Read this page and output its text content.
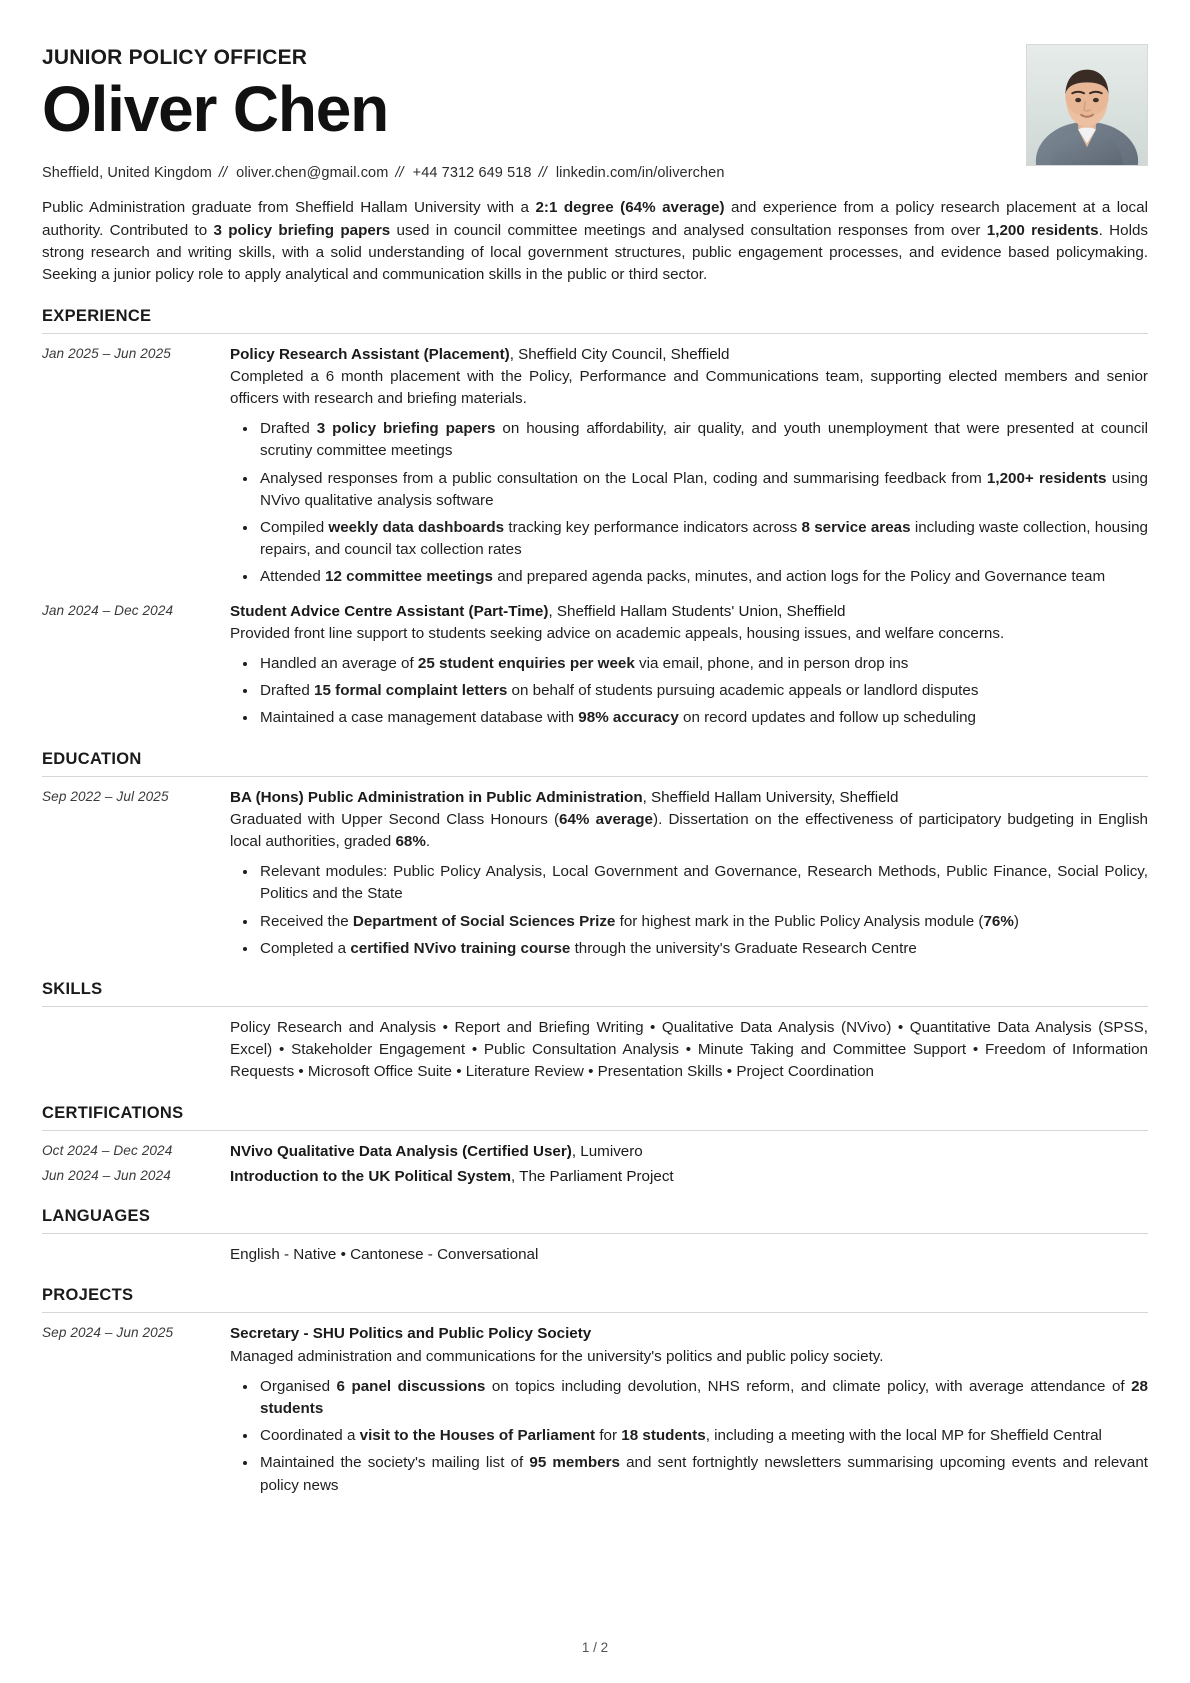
JUNIOR POLICY OFFICER
Oliver Chen
Sheffield, United Kingdom // oliver.chen@gmail.com // +44 7312 649 518 // linkedin.com/in/oliverchen
Public Administration graduate from Sheffield Hallam University with a 2:1 degree (64% average) and experience from a policy research placement at a local authority. Contributed to 3 policy briefing papers used in council committee meetings and analysed consultation responses from over 1,200 residents. Holds strong research and writing skills, with a solid understanding of local government structures, public engagement processes, and evidence based policymaking. Seeking a junior policy role to apply analytical and communication skills in the public or third sector.
EXPERIENCE
Jan 2025 – Jun 2025	Policy Research Assistant (Placement), Sheffield City Council, Sheffield
Completed a 6 month placement with the Policy, Performance and Communications team, supporting elected members and senior officers with research and briefing materials.
Drafted 3 policy briefing papers on housing affordability, air quality, and youth unemployment that were presented at council scrutiny committee meetings
Analysed responses from a public consultation on the Local Plan, coding and summarising feedback from 1,200+ residents using NVivo qualitative analysis software
Compiled weekly data dashboards tracking key performance indicators across 8 service areas including waste collection, housing repairs, and council tax collection rates
Attended 12 committee meetings and prepared agenda packs, minutes, and action logs for the Policy and Governance team
Jan 2024 – Dec 2024	Student Advice Centre Assistant (Part-Time), Sheffield Hallam Students' Union, Sheffield
Provided front line support to students seeking advice on academic appeals, housing issues, and welfare concerns.
Handled an average of 25 student enquiries per week via email, phone, and in person drop ins
Drafted 15 formal complaint letters on behalf of students pursuing academic appeals or landlord disputes
Maintained a case management database with 98% accuracy on record updates and follow up scheduling
EDUCATION
Sep 2022 – Jul 2025	BA (Hons) Public Administration in Public Administration, Sheffield Hallam University, Sheffield
Graduated with Upper Second Class Honours (64% average). Dissertation on the effectiveness of participatory budgeting in English local authorities, graded 68%.
Relevant modules: Public Policy Analysis, Local Government and Governance, Research Methods, Public Finance, Social Policy, Politics and the State
Received the Department of Social Sciences Prize for highest mark in the Public Policy Analysis module (76%)
Completed a certified NVivo training course through the university's Graduate Research Centre
SKILLS
Policy Research and Analysis • Report and Briefing Writing • Qualitative Data Analysis (NVivo) • Quantitative Data Analysis (SPSS, Excel) • Stakeholder Engagement • Public Consultation Analysis • Minute Taking and Committee Support • Freedom of Information Requests • Microsoft Office Suite • Literature Review • Presentation Skills • Project Coordination
CERTIFICATIONS
Oct 2024 – Dec 2024	NVivo Qualitative Data Analysis (Certified User), Lumivero
Jun 2024 – Jun 2024	Introduction to the UK Political System, The Parliament Project
LANGUAGES
English - Native • Cantonese - Conversational
PROJECTS
Sep 2024 – Jun 2025	Secretary - SHU Politics and Public Policy Society
Managed administration and communications for the university's politics and public policy society.
Organised 6 panel discussions on topics including devolution, NHS reform, and climate policy, with average attendance of 28 students
Coordinated a visit to the Houses of Parliament for 18 students, including a meeting with the local MP for Sheffield Central
Maintained the society's mailing list of 95 members and sent fortnightly newsletters summarising upcoming events and relevant policy news
1 / 2
